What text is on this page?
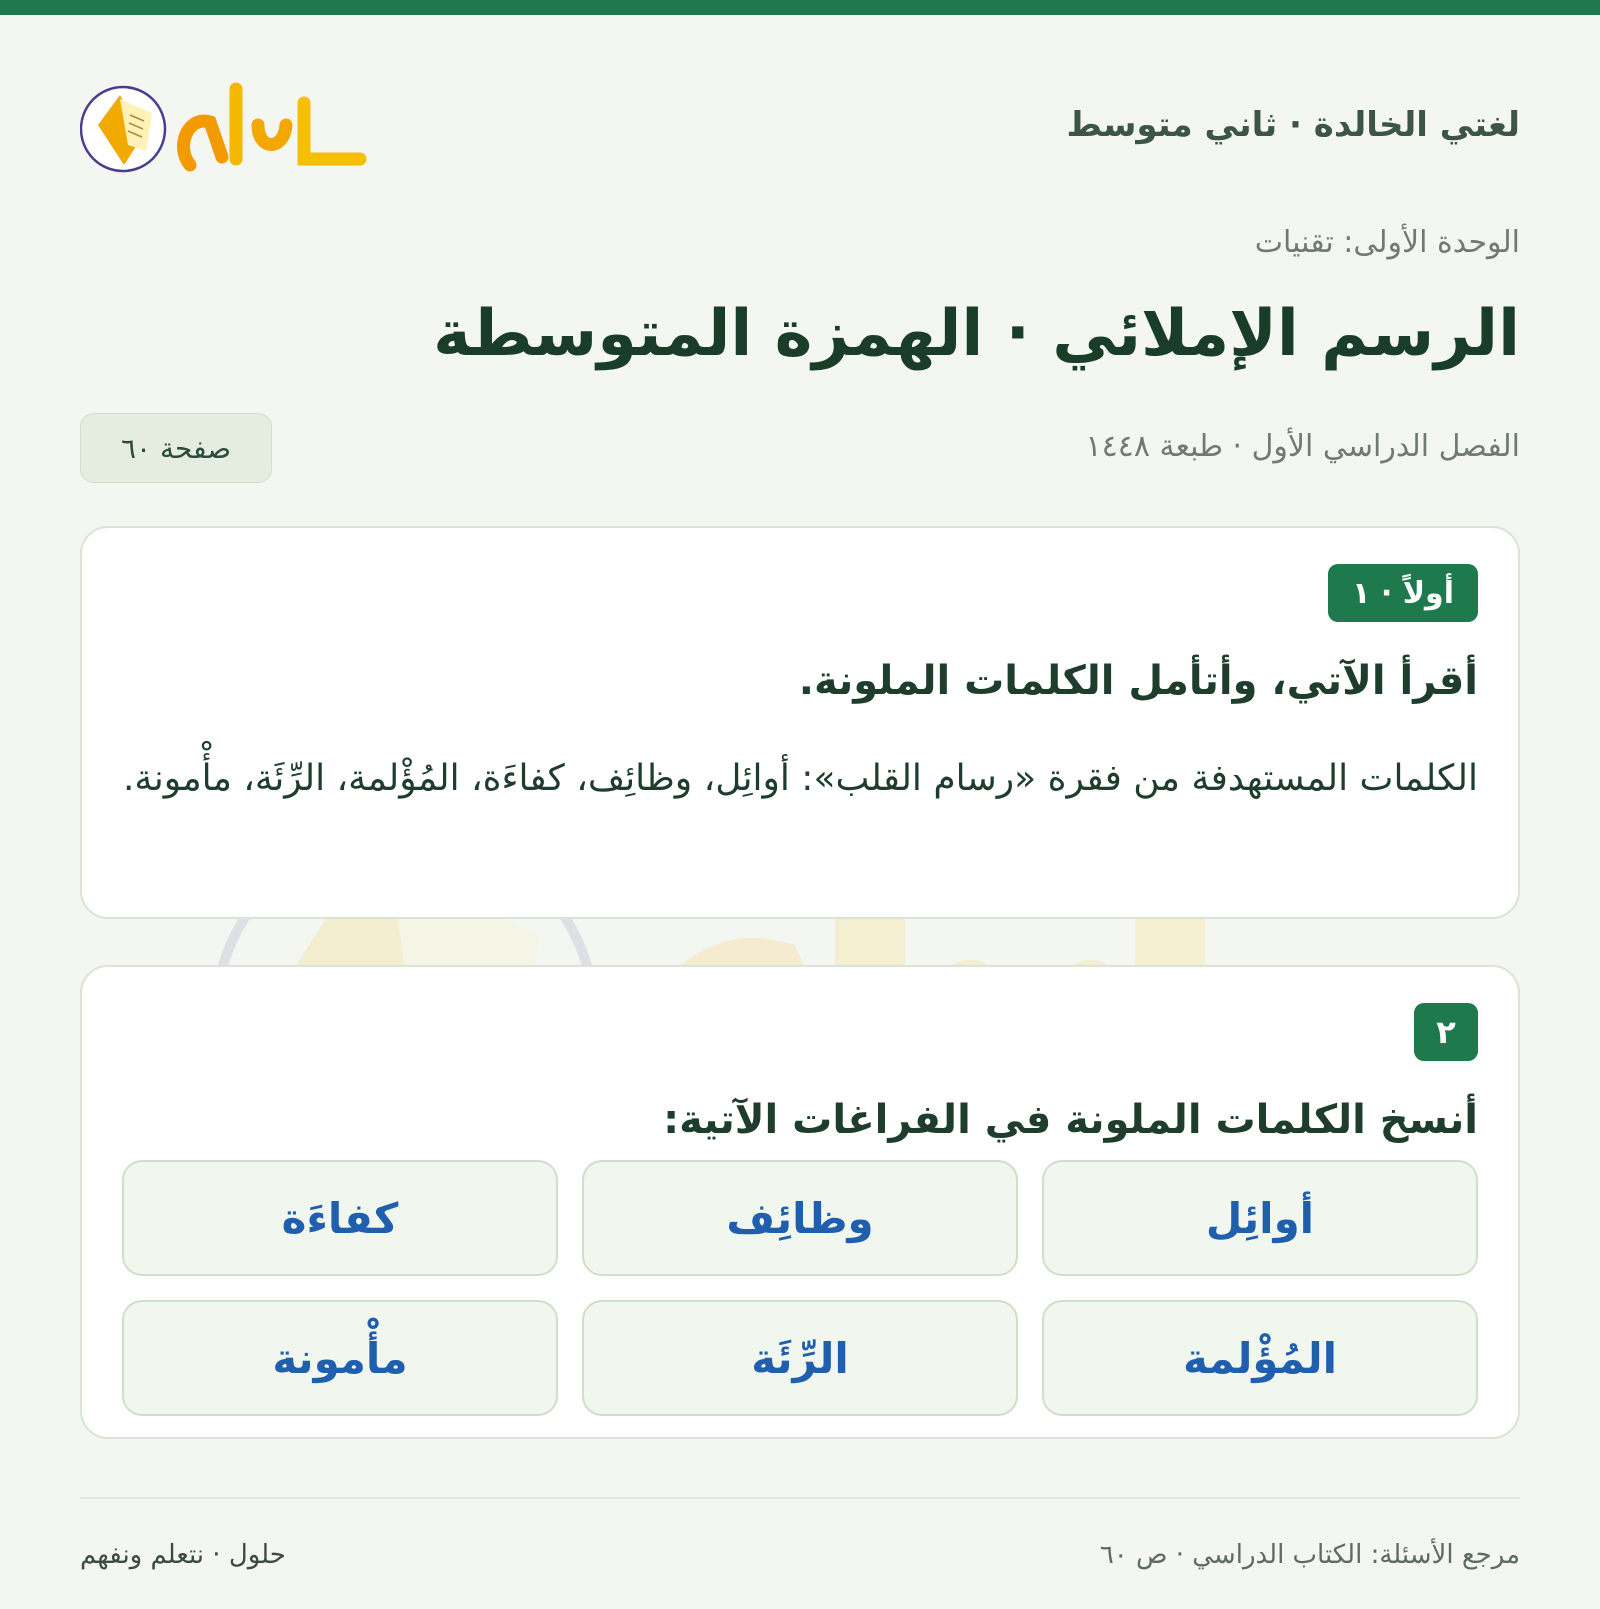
لغتي الخالدة · ثاني متوسط
الوحدة الأولى: تقنيات
الرسم الإملائي · الهمزة المتوسطة
الفصل الدراسي الأول · طبعة ١٤٤٨
صفحة ٦٠
أولاً · ١
أقرأ الآتي، وأتأمل الكلمات الملونة.
الكلمات المستهدفة من فقرة «رسام القلب»: أوائِل، وظائِف، كفاءَة، المُؤْلمة، الرِّئَة، مأْمونة.
٢
أنسخ الكلمات الملونة في الفراغات الآتية:
أوائِل
وظائِف
كفاءَة
المُؤْلمة
الرِّئَة
مأْمونة
مرجع الأسئلة: الكتاب الدراسي · ص ٦٠
حلول · نتعلم ونفهم
